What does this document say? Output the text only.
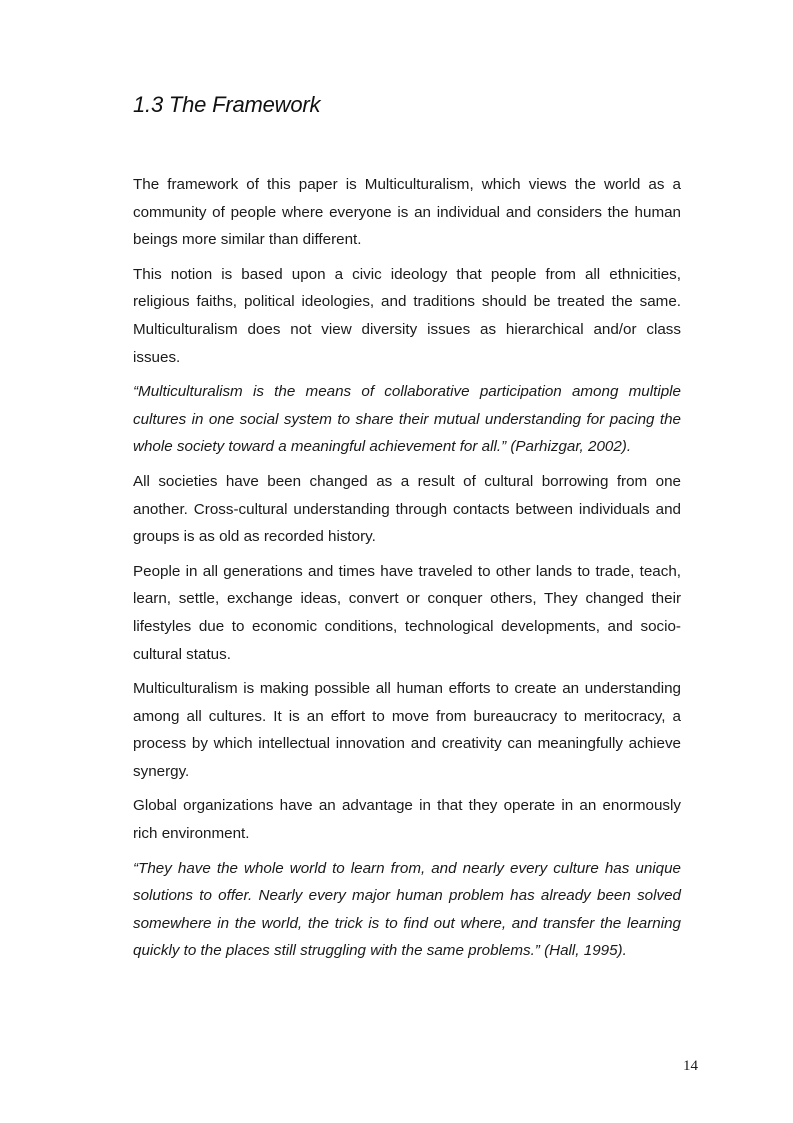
1.3 The Framework

The framework of this paper is Multiculturalism, which views the world as a community of people where everyone is an individual and considers the human beings more similar than different.

This notion is based upon a civic ideology that people from all ethnicities, religious faiths, political ideologies, and traditions should be treated the same. Multiculturalism does not view diversity issues as hierarchical and/or class issues.

“Multiculturalism is the means of collaborative participation among multiple cultures in one social system to share their mutual understanding for pacing the whole society toward a meaningful achievement for all.” (Parhizgar, 2002).

All societies have been changed as a result of cultural borrowing from one another. Cross-cultural understanding through contacts between individuals and groups is as old as recorded history.

People in all generations and times have traveled to other lands to trade, teach, learn, settle, exchange ideas, convert or conquer others, They changed their lifestyles due to economic conditions, technological developments, and socio-cultural status.

Multiculturalism is making possible all human efforts to create an understanding among all cultures. It is an effort to move from bureaucracy to meritocracy, a process by which intellectual innovation and creativity can meaningfully achieve synergy.

Global organizations have an advantage in that they operate in an enormously rich environment.

“They have the whole world to learn from, and nearly every culture has unique solutions to offer. Nearly every major human problem has already been solved somewhere in the world, the trick is to find out where, and transfer the learning quickly to the places still struggling with the same problems.” (Hall, 1995).

14
